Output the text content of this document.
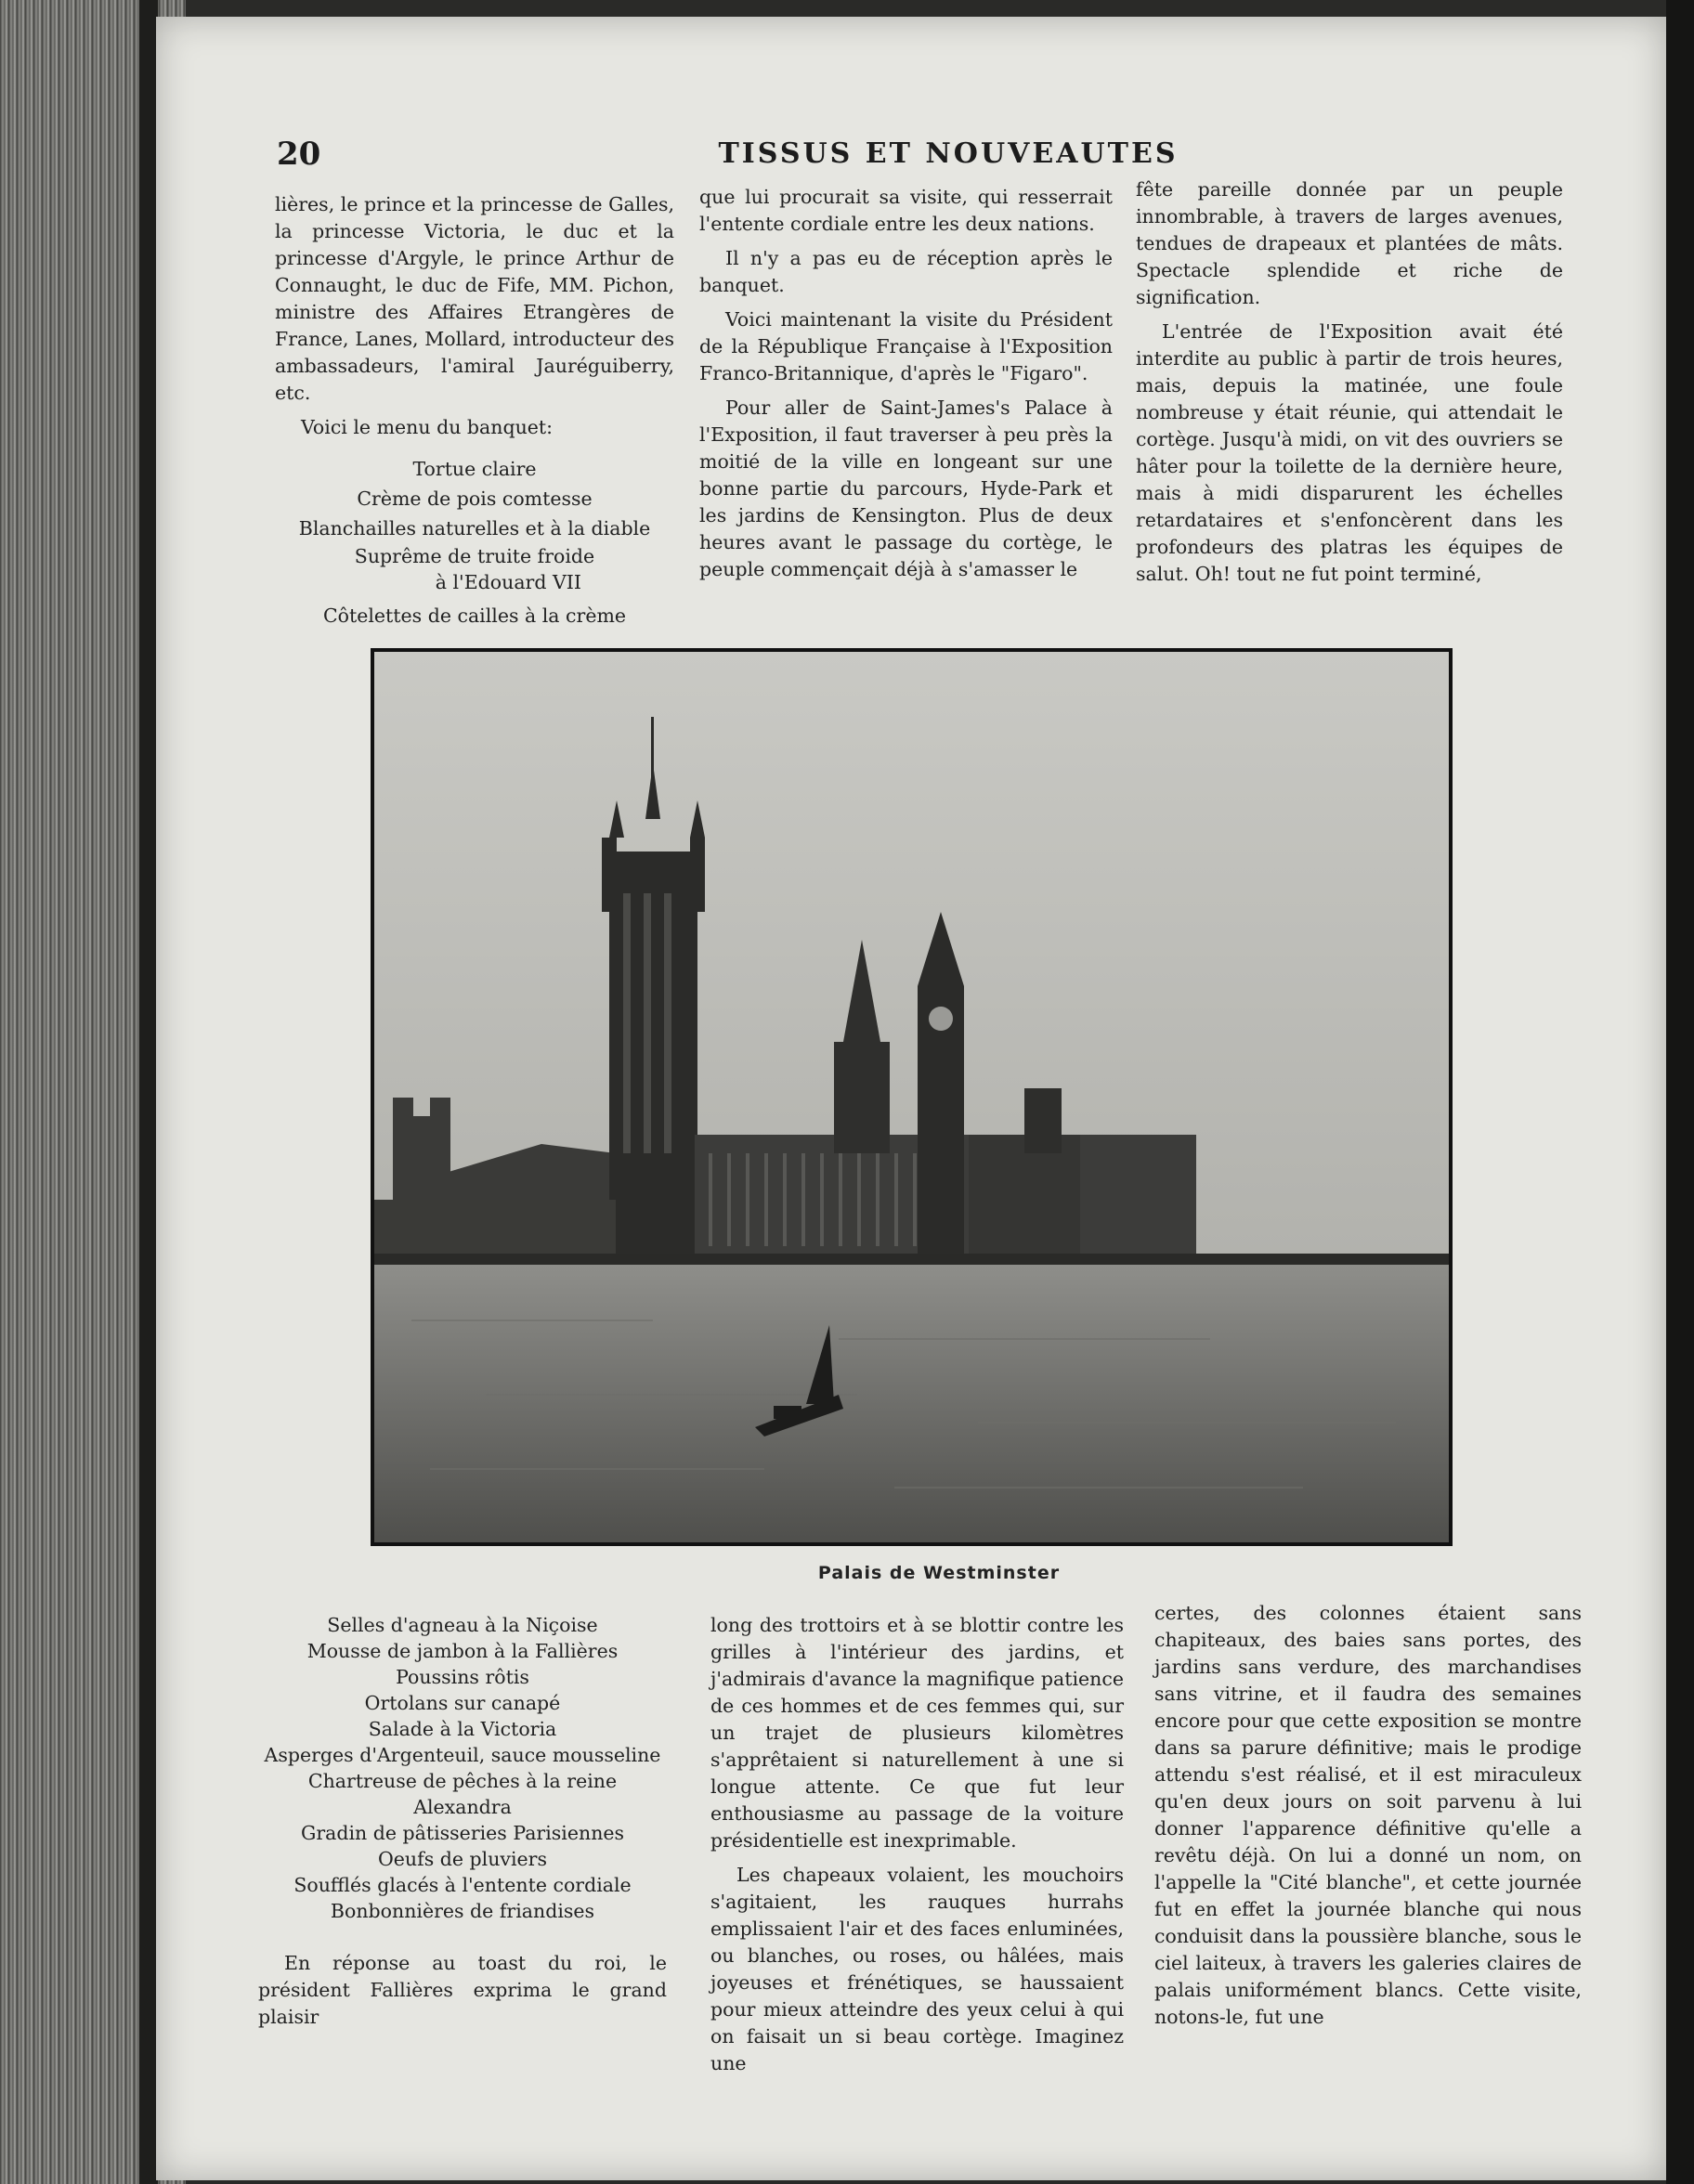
20	TISSUS ET NOUVEAUTES

lières, le prince et la princesse de Galles, la princesse Victoria, le duc et la princesse d'Argyle, le prince Arthur de Connaught, le duc de Fife, MM. Pichon, ministre des Affaires Etrangères de France, Lanes, Mollard, introducteur des ambassadeurs, l'amiral Jauréguiberry, etc.

Voici le menu du banquet:

Tortue claire
Crème de pois comtesse
Blanchailles naturelles et à la diable
Suprême de truite froide
à l'Edouard VII
Côtelettes de cailles à la crème

que lui procurait sa visite, qui resserrait l'entente cordiale entre les deux nations.

Il n'y a pas eu de réception après le banquet.

Voici maintenant la visite du Président de la République Française à l'Exposition Franco-Britannique, d'après le "Figaro".

Pour aller de Saint-James's Palace à l'Exposition, il faut traverser à peu près la moitié de la ville en longeant sur une bonne partie du parcours, Hyde-Park et les jardins de Kensington. Plus de deux heures avant le passage du cortège, le peuple commençait déjà à s'amasser le

fête pareille donnée par un peuple innombrable, à travers de larges avenues, tendues de drapeaux et plantées de mâts. Spectacle splendide et riche de signification.

L'entrée de l'Exposition avait été interdite au public à partir de trois heures, mais, depuis la matinée, une foule nombreuse y était réunie, qui attendait le cortège. Jusqu'à midi, on vit des ouvriers se hâter pour la toilette de la dernière heure, mais à midi disparurent les échelles retardataires et s'enfoncèrent dans les profondeurs des platras les équipes de salut. Oh! tout ne fut point terminé,

Palais de Westminster
Selles d'agneau à la Niçoise
Mousse de jambon à la Fallières
Poussins rôtis
Ortolans sur canapé
Salade à la Victoria
Asperges d'Argenteuil, sauce mousseline
Chartreuse de pêches à la reine Alexandra
Gradin de pâtisseries Parisiennes
Oeufs de pluviers
Soufflés glacés à l'entente cordiale
Bonbonnières de friandises

En réponse au toast du roi, le président Fallières exprima le grand plaisir

long des trottoirs et à se blottir contre les grilles à l'intérieur des jardins, et j'admirais d'avance la magnifique patience de ces hommes et de ces femmes qui, sur un trajet de plusieurs kilomètres s'apprêtaient si naturellement à une si longue attente. Ce que fut leur enthousiasme au passage de la voiture présidentielle est inexprimable.

Les chapeaux volaient, les mouchoirs s'agitaient, les rauques hurrahs emplissaient l'air et des faces enluminées, ou blanches, ou roses, ou hâlées, mais joyeuses et frénétiques, se haussaient pour mieux atteindre des yeux celui à qui on faisait un si beau cortège. Imaginez une

certes, des colonnes étaient sans chapiteaux, des baies sans portes, des jardins sans verdure, des marchandises sans vitrine, et il faudra des semaines encore pour que cette exposition se montre dans sa parure définitive; mais le prodige attendu s'est réalisé, et il est miraculeux qu'en deux jours on soit parvenu à lui donner l'apparence définitive qu'elle a revêtu déjà. On lui a donné un nom, on l'appelle la "Cité blanche", et cette journée fut en effet la journée blanche qui nous conduisit dans la poussière blanche, sous le ciel laiteux, à travers les galeries claires de palais uniformément blancs. Cette visite, notons-le, fut une
